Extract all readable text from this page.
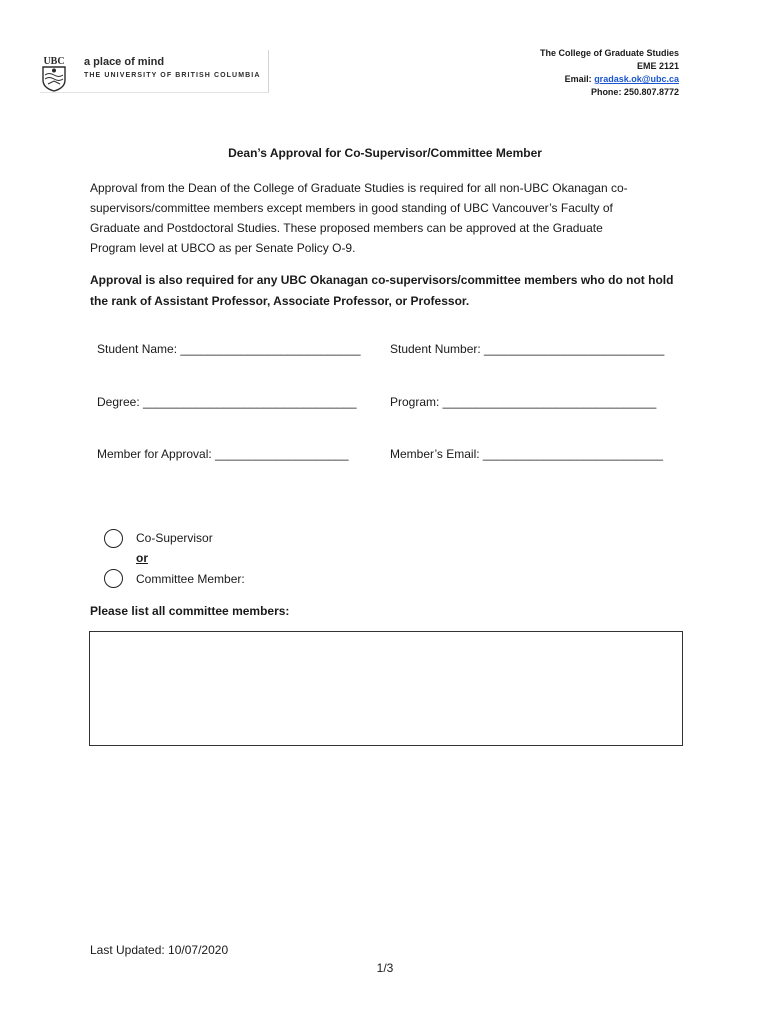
UBC a place of mind
THE UNIVERSITY OF BRITISH COLUMBIA
The College of Graduate Studies
EME 2121
Email: gradask.ok@ubc.ca
Phone: 250.807.8772
Dean’s Approval for Co-Supervisor/Committee Member
Approval from the Dean of the College of Graduate Studies is required for all non-UBC Okanagan co-
supervisors/committee members except members in good standing of UBC Vancouver’s Faculty of
Graduate and Postdoctoral Studies. These proposed members can be approved at the Graduate
Program level at UBCO as per Senate Policy O-9.
Approval is also required for any UBC Okanagan co-supervisors/committee members who do not hold
the rank of Assistant Professor, Associate Professor, or Professor.
Student Name: ___________________________ Student Number: ___________________________
Degree: ________________________________	Program: ________________________________
Member for Approval: ____________________	Member’s Email: ___________________________
Co-Supervisor
or
Committee Member:
Please list all committee members:
Last Updated: 10/07/2020
1/3
